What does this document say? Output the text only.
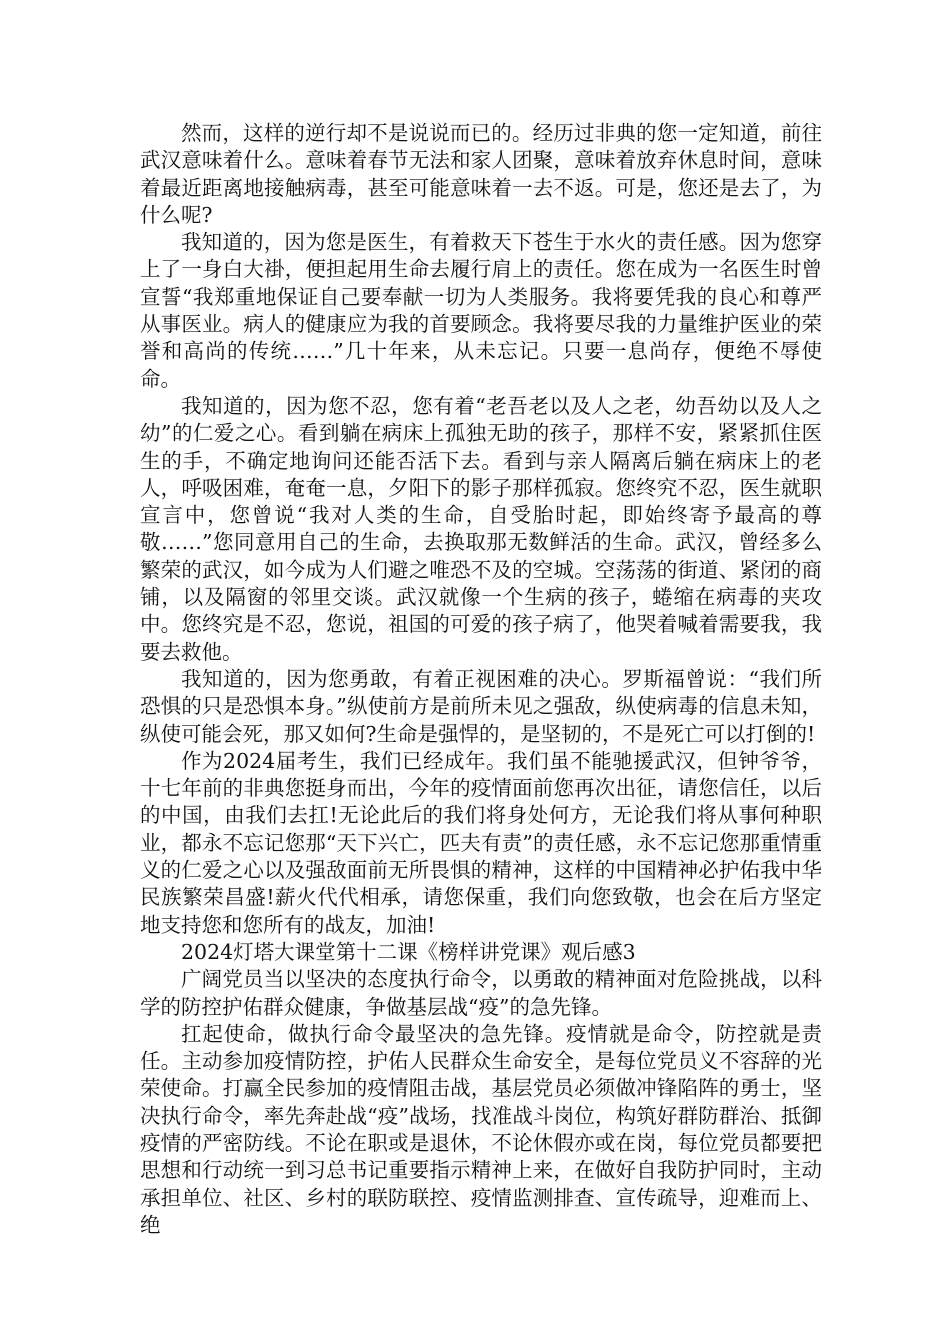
然而，这样的逆行却不是说说而已的。经历过非典的您一定知道，前往武汉意味着什么。意味着春节无法和家人团聚，意味着放弃休息时间，意味着最近距离地接触病毒，甚至可能意味着一去不返。可是，您还是去了，为什么呢?

我知道的，因为您是医生，有着救天下苍生于水火的责任感。因为您穿上了一身白大褂，便担起用生命去履行肩上的责任。您在成为一名医生时曾宣誓“我郑重地保证自己要奉献一切为人类服务。我将要凭我的良心和尊严从事医业。病人的健康应为我的首要顾念。我将要尽我的力量维护医业的荣誉和高尚的传统……”几十年来，从未忘记。只要一息尚存，便绝不辱使命。

我知道的，因为您不忍，您有着“老吾老以及人之老，幼吾幼以及人之幼”的仁爱之心。看到躺在病床上孤独无助的孩子，那样不安，紧紧抓住医生的手，不确定地询问还能否活下去。看到与亲人隔离后躺在病床上的老人，呼吸困难，奄奄一息，夕阳下的影子那样孤寂。您终究不忍，医生就职宣言中，您曾说“我对人类的生命，自受胎时起，即始终寄予最高的尊敬……”您同意用自己的生命，去换取那无数鲜活的生命。武汉，曾经多么繁荣的武汉，如今成为人们避之唯恐不及的空城。空荡荡的街道、紧闭的商铺，以及隔窗的邻里交谈。武汉就像一个生病的孩子，蜷缩在病毒的夹攻中。您终究是不忍，您说，祖国的可爱的孩子病了，他哭着喊着需要我，我要去救他。

我知道的，因为您勇敢，有着正视困难的决心。罗斯福曾说：“我们所恐惧的只是恐惧本身。”纵使前方是前所未见之强敌，纵使病毒的信息未知，纵使可能会死，那又如何?生命是强悍的，是坚韧的，不是死亡可以打倒的!

作为2024届考生，我们已经成年。我们虽不能驰援武汉，但钟爷爷，十七年前的非典您挺身而出，今年的疫情面前您再次出征，请您信任，以后的中国，由我们去扛!无论此后的我们将身处何方，无论我们将从事何种职业，都永不忘记您那“天下兴亡，匹夫有责”的责任感，永不忘记您那重情重义的仁爱之心以及强敌面前无所畏惧的精神，这样的中国精神必护佑我中华民族繁荣昌盛!薪火代代相承，请您保重，我们向您致敬，也会在后方坚定地支持您和您所有的战友，加油!

2024灯塔大课堂第十二课《榜样讲党课》观后感3

广阔党员当以坚决的态度执行命令，以勇敢的精神面对危险挑战，以科学的防控护佑群众健康，争做基层战“疫”的急先锋。

扛起使命，做执行命令最坚决的急先锋。疫情就是命令，防控就是责任。主动参加疫情防控，护佑人民群众生命安全，是每位党员义不容辞的光荣使命。打赢全民参加的疫情阻击战，基层党员必须做冲锋陷阵的勇士，坚决执行命令，率先奔赴战“疫”战场，找准战斗岗位，构筑好群防群治、抵御疫情的严密防线。不论在职或是退休，不论休假亦或在岗，每位党员都要把思想和行动统一到习总书记重要指示精神上来，在做好自我防护同时，主动承担单位、社区、乡村的联防联控、疫情监测排查、宣传疏导，迎难而上、绝
